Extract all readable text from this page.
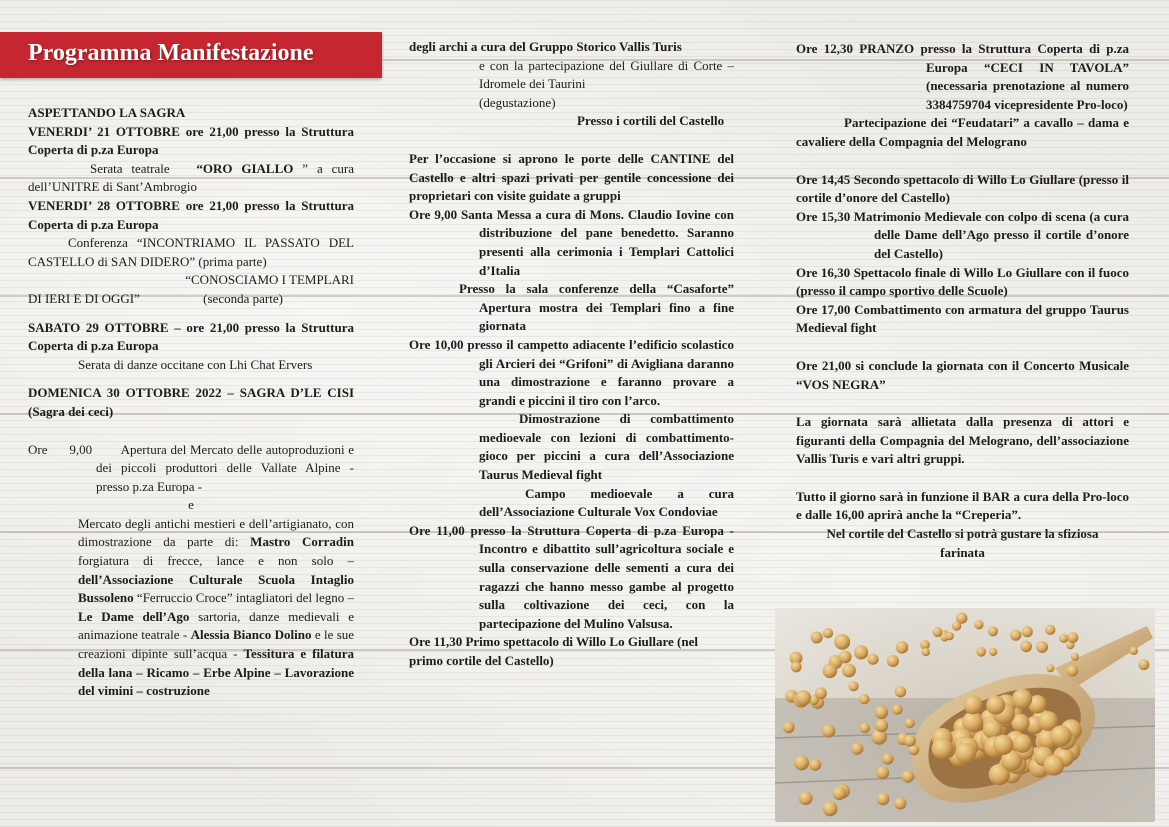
Programma Manifestazione

ASPETTANDO LA SAGRA

VENERDI’ 21 OTTOBRE ore 21,00 presso la Struttura Coperta di p.za Europa

Serata teatrale “ORO GIALLO ” a cura dell’UNITRE di Sant’Ambrogio

VENERDI’ 28 OTTOBRE ore 21,00 presso la Struttura Coperta di p.za Europa

Conferenza “INCONTRIAMO IL PASSATO DEL CASTELLO di SAN DIDERO” (prima parte)

“CONOSCIAMO I TEMPLARI

DI IERI E DI OGGI”	(seconda parte)

SABATO 29 OTTOBRE – ore 21,00 presso la Struttura Coperta di p.za Europa

Serata di danze occitane con Lhi Chat Ervers

DOMENICA 30 OTTOBRE 2022 – SAGRA D’LE CISI (Sagra dei ceci)

Ore 9,00 Apertura del Mercato delle autoproduzioni e dei piccoli produttori delle Vallate Alpine - presso p.za Europa -

e

Mercato degli antichi mestieri e dell’artigianato, con dimostrazione da parte di: Mastro Corradin forgiatura di frecce, lance e non solo – dell’Associazione Culturale Scuola Intaglio Bussoleno “Ferruccio Croce” intagliatori del legno – Le Dame dell’Ago sartoria, danze medievali e animazione teatrale - Alessia Bianco Dolino e le sue creazioni dipinte sull’acqua - Tessitura e filatura della lana – Ricamo – Erbe Alpine – Lavorazione del vimini – costruzione

degli archi a cura del Gruppo Storico Vallis Turis

e con la partecipazione del Giullare di Corte – Idromele dei Taurini

(degustazione)

Presso i cortili del Castello

Per l’occasione si aprono le porte delle CANTINE del Castello e altri spazi privati per gentile concessione dei proprietari con visite guidate a gruppi

Ore 9,00 Santa Messa a cura di Mons. Claudio Iovine con distribuzione del pane benedetto. Saranno presenti alla cerimonia i Templari Cattolici d’Italia

Presso la sala conferenze della “Casaforte” Apertura mostra dei Templari fino a fine giornata

Ore 10,00 presso il campetto adiacente l’edificio scolastico gli Arcieri dei “Grifoni” di Avigliana daranno una dimostrazione e faranno provare a grandi e piccini il tiro con l’arco.

Dimostrazione di combattimento medioevale con lezioni di combattimento-gioco per piccini a cura dell’Associazione Taurus Medieval fight

Campo medioevale a cura dell’Associazione Culturale Vox Condoviae

Ore 11,00 presso la Struttura Coperta di p.za Europa - Incontro e dibattito sull’agricoltura sociale e sulla conservazione delle sementi a cura dei ragazzi che hanno messo gambe al progetto sulla coltivazione dei ceci, con la partecipazione del Mulino Valsusa.

Ore 11,30 Primo spettacolo di Willo Lo Giullare (nel primo cortile del Castello)

Ore 12,30 PRANZO presso la Struttura Coperta di p.za Europa “CECI IN TAVOLA” (necessaria prenotazione al numero 3384759704 vicepresidente Pro-loco)

Partecipazione dei “Feudatari” a cavallo – dama e cavaliere della Compagnia del Melograno

Ore 14,45 Secondo spettacolo di Willo Lo Giullare (presso il cortile d’onore del Castello)

Ore 15,30 Matrimonio Medievale con colpo di scena (a cura delle Dame dell’Ago presso il cortile d’onore del Castello)

Ore 16,30 Spettacolo finale di Willo Lo Giullare con il fuoco (presso il campo sportivo delle Scuole)

Ore 17,00 Combattimento con armatura del gruppo Taurus Medieval fight

Ore 21,00 si conclude la giornata con il Concerto Musicale “VOS NEGRA”

La giornata sarà allietata dalla presenza di attori e figuranti della Compagnia del Melograno, dell’associazione Vallis Turis e vari altri gruppi.

Tutto il giorno sarà in funzione il BAR a cura della Pro-loco e dalle 16,00 aprirà anche la “Creperia”.

Nel cortile del Castello si potrà gustare la sfiziosa farinata
